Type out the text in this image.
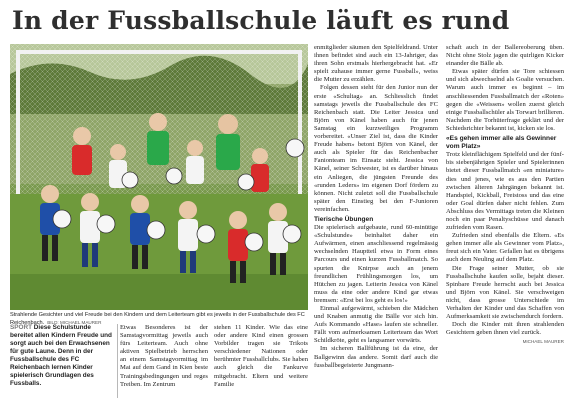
In der Fussballschule läuft es rund
Strahlende Gesichter und viel Freude bei den Kindern und dem Leiterteam gibt es jeweils in der Fussballschule des FC Reichenbach. BILD: MICHAEL MAURER
SPORT Diese Schulstunde bereitet allen Kindern Freude und sorgt auch bei den Erwachsenen für gute Laune. Denn in der Fussballschule des FC Reichenbach lernen Kinder spielerisch Grundlagen des Fussballs.

Etwas Besonderes ist der Samstagvormittag jeweils auch fürs Leiterteam. Auch ohne aktiven Spielbetrieb herrschen an einem Samstagvormittag im Mai auf dem Gand in Kien beste Trainingsbedingungen und reges Treiben. Im Zentrum

stehen 11 Kinder. Wie das eine oder andere Kind einen grossen Vorbilder tragen sie Trikots verschiedener Nationen oder berühmter Fussballclubs. Sie haben auch gleich die Fankurve mitgebracht. Eltern und weitere Familie

enmitglieder säumen den Spielfeldrand. Unter ihnen befindet sind auch ein 13-Jahriger, das ihren Sohn erstmals hierhergebracht hat. «Er spielt zuhause immer gerne Fussball», weiss die Mutter zu erzählen.

Folgen dessen steht für den Junior nun der erste «Schultag» an. Schliesslich findet samstags jeweils die Fussballschule des FC Reichenbach statt. Die Leiter Jessica und Björn von Känel haben auch für jenen Samstag ein kurzweiliges Programm vorbereitet. «Unser Ziel ist, dass die Kinder Freude haben» betont Björn von Känel, der auch als Spieler für das Reichenbacher Fanionteam im Einsatz steht. Jessica von Känel, seiner Schwester, ist es darüber hinaus ein Anliegen, die jüngsten Freunde des «runden Leders» im eigenen Dorf fördern zu können. Nicht zuletzt soll die Fussballschule später den Einstieg bei den F-Junioren vereinfachen.

Tierische Übungen

Die spielerisch aufgebaute, rund 60-minütige «Schulstunde» beinhaltet daher ein Aufwärmen, einen anschliessend regelmässig wechselnden Hauptteil etwa in Form eines Parcours und einen kurzen Fussballmatch. So spurten die Knirpse auch an jenem freundlichen Frühlingsmorgen los, um Hütchen zu jagen. Leiterin Jessica von Känel muss da eine oder andere Kind gar etwas bremsen: «Erst bei los geht es los!»

Einmal aufgewärmt, schieben die Mädchen und Knaben anmutig die Bälle vor sich hin. Aufs Kommando «Hase» laufen sie schneller. Fällt vom aufmerksamen Leiterteam das Wort Schildkröte, geht es langsamer vorwärts.

Im sicheren Ballführung ist da eine, der Ballgewinn das andere. Somit darf auch die fussballbegeisterte Jungmann-

schaft auch in der Ballereoberung üben. Nicht ohne Stolz jagen die quirligen Kicker einander die Bälle ab.

Etwas später dürfen sie Tore schiessen und sich abwechselnd als Goalie versuchen. Warum auch immer es beginnt – im anschliessenden Fussballmatch der «Roten» gegen die «Weissen» wollen zuerst gleich einige Fussballschüler als Torwart brillieren. Nachdem die Torhüterfrage geklärt und der Schiedsrichter bekannt ist, kicken sie los.

«Es gehen immer alle als Gewinner vom Platz»

Trotz kleinflächigem Spielfeld und der fünf- bis siebenjährigen Spieler und Spielerinnen bietet dieser Fussballmatch «en miniature» dies und jenes, wie es aus den Partien zwischen älteren Jahrgängen bekannt ist. Handspiel, Kickball, Freistoss und das eine oder Goal dürfen daher nicht fehlen. Zum Abschluss des Vermittags treten die Kleinen noch ein paar Penaltyschüsse und danach zufrieden vom Rasen.

Zufrieden sind ebenfalls die Eltern. «Es gehen immer alle als Gewinner vom Platz», freut sich ein Vater. Gefallen hat es übrigens auch dem Neuling auf dem Platz.

Die Frage seiner Mutter, ob sie Fussballschuhe kaufen solle, bejaht dieser. Spinbare Freude herrscht auch bei Jessica und Björn von Känel. Sie verschweigen nicht, dass grosse Unterschiede im Verhalten der Kinder und das Schaffen von Aufmerksamkeit sie zwischendurch fordern.

Doch die Kinder mit ihren strahlenden Gesichtern geben ihnen viel zurück.

MICHAEL MAURER
